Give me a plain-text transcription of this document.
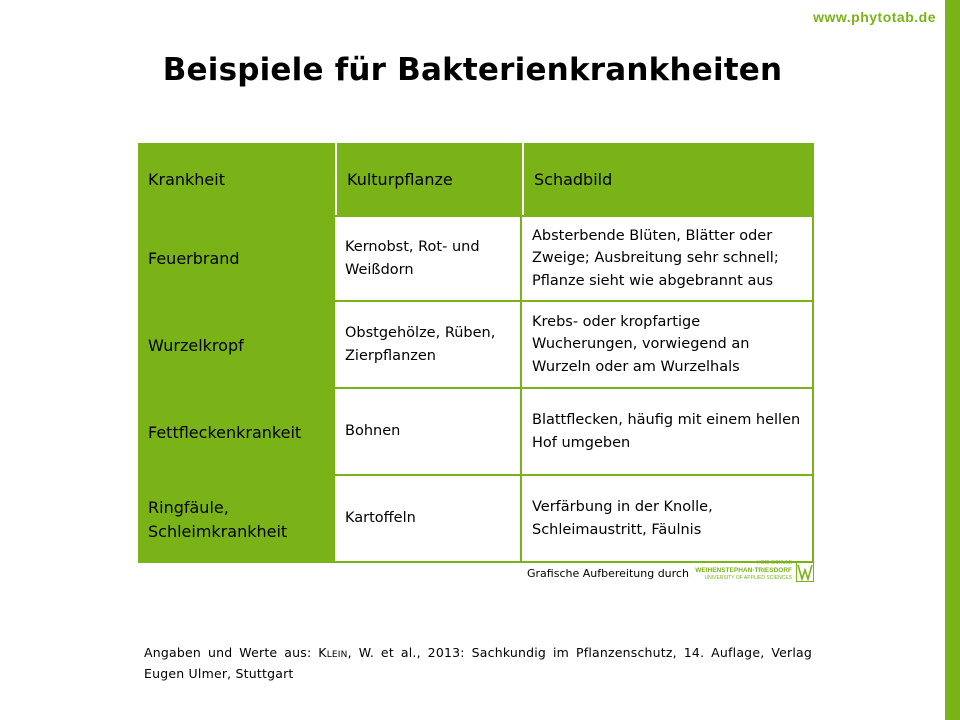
www.phytotab.de
Beispiele für Bakterienkrankheiten
Krankheit	Kulturpflanze	Schadbild
Feuerbrand	Kernobst, Rot- und Weißdorn	Absterbende Blüten, Blätter oder Zweige; Ausbreitung sehr schnell; Pflanze sieht wie abgebrannt aus
Wurzelkropf	Obstgehölze, Rüben, Zierpflanzen	Krebs- oder kropfartige Wucherungen, vorwiegend an Wurzeln oder am Wurzelhals
Fettfleckenkrankeit	Bohnen	Blattflecken, häufig mit einem hellen Hof umgeben
Ringfäule, Schleimkrankheit	Kartoffeln	Verfärbung in der Knolle, Schleimaustritt, Fäulnis
Grafische Aufbereitung durch
HOCHSCHULE
WEIHENSTEPHAN-TRIESDORF
UNIVERSITY OF APPLIED SCIENCES
Angaben und Werte aus: Klein, W. et al., 2013: Sachkundig im Pflanzenschutz, 14. Auflage, Verlag Eugen Ulmer, Stuttgart
